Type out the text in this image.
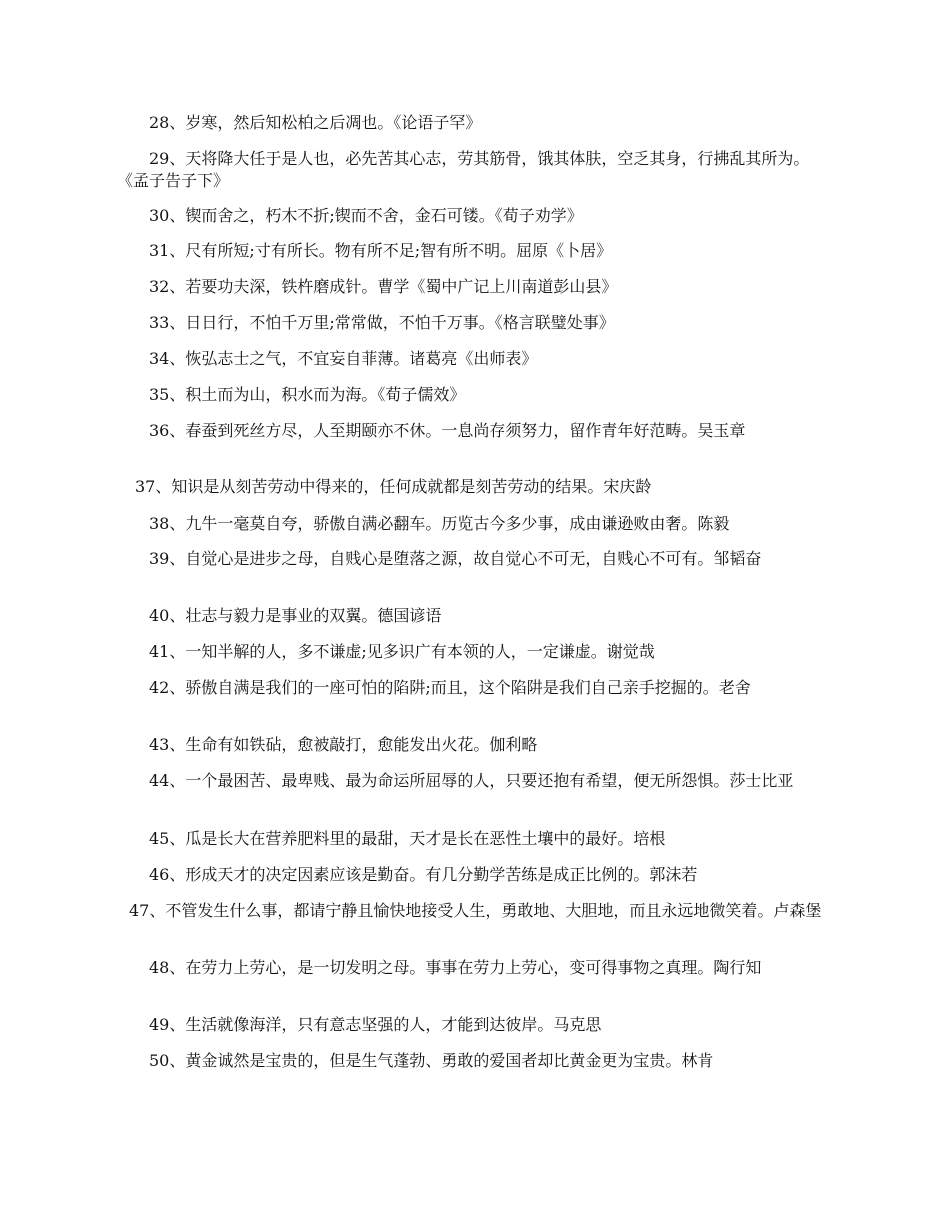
28、岁寒，然后知松柏之后凋也。《论语子罕》

29、天将降大任于是人也，必先苦其心志，劳其筋骨，饿其体肤，空乏其身，行拂乱其所为。《孟子告子下》

30、锲而舍之，朽木不折;锲而不舍，金石可镂。《荀子劝学》

31、尺有所短;寸有所长。物有所不足;智有所不明。屈原《卜居》

32、若要功夫深，铁杵磨成针。曹学《蜀中广记上川南道彭山县》

33、日日行，不怕千万里;常常做，不怕千万事。《格言联璧处事》

34、恢弘志士之气，不宜妄自菲薄。诸葛亮《出师表》

35、积土而为山，积水而为海。《荀子儒效》

36、春蚕到死丝方尽，人至期颐亦不休。一息尚存须努力，留作青年好范畴。吴玉章

37、知识是从刻苦劳动中得来的，任何成就都是刻苦劳动的结果。宋庆龄

38、九牛一毫莫自夸，骄傲自满必翻车。历览古今多少事，成由谦逊败由奢。陈毅

39、自觉心是进步之母，自贱心是堕落之源，故自觉心不可无，自贱心不可有。邹韬奋

40、壮志与毅力是事业的双翼。德国谚语

41、一知半解的人，多不谦虚;见多识广有本领的人，一定谦虚。谢觉哉

42、骄傲自满是我们的一座可怕的陷阱;而且，这个陷阱是我们自己亲手挖掘的。老舍

43、生命有如铁砧，愈被敲打，愈能发出火花。伽利略

44、一个最困苦、最卑贱、最为命运所屈辱的人，只要还抱有希望，便无所怨惧。莎士比亚

45、瓜是长大在营养肥料里的最甜，天才是长在恶性土壤中的最好。培根

46、形成天才的决定因素应该是勤奋。有几分勤学苦练是成正比例的。郭沫若

47、不管发生什么事，都请宁静且愉快地接受人生，勇敢地、大胆地，而且永远地微笑着。卢森堡

48、在劳力上劳心，是一切发明之母。事事在劳力上劳心，变可得事物之真理。陶行知

49、生活就像海洋，只有意志坚强的人，才能到达彼岸。马克思

50、黄金诚然是宝贵的，但是生气蓬勃、勇敢的爱国者却比黄金更为宝贵。林肯
